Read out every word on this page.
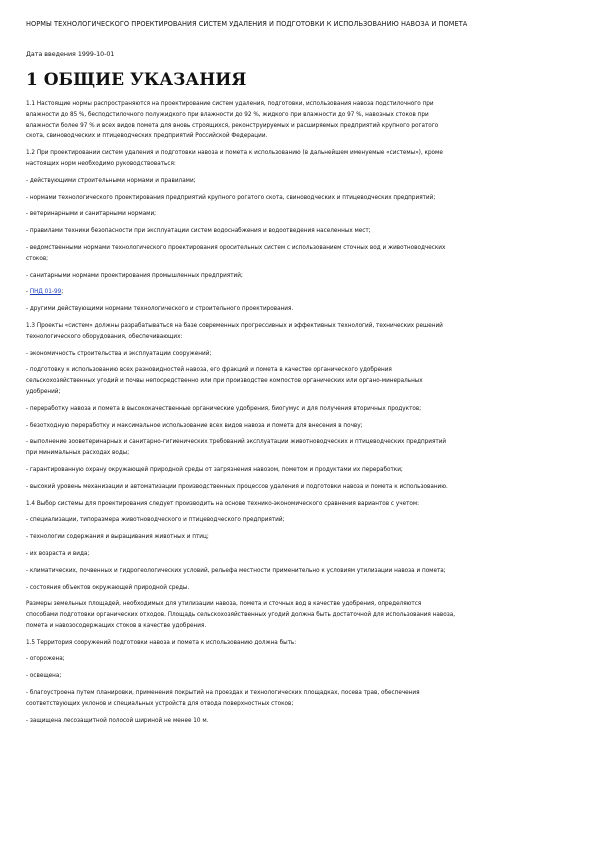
НОРМЫ ТЕХНОЛОГИЧЕСКОГО ПРОЕКТИРОВАНИЯ СИСТЕМ УДАЛЕНИЯ И ПОДГОТОВКИ К ИСПОЛЬЗОВАНИЮ НАВОЗА И ПОМЕТА
Дата введения 1999-10-01
1 ОБЩИЕ УКАЗАНИЯ

1.1 Настоящие нормы распространяются на проектирование систем удаления, подготовки, использования навоза подстилочного при
влажности до 85 %, бесподстилочного полужидкого при влажности до 92 %, жидкого при влажности до 97 %, навозных стоков при
влажности более 97 % и всех видов помета для вновь строящихся, реконструируемых и расширяемых предприятий крупного рогатого
скота, свиноводческих и птицеводческих предприятий Российской Федерации.

1.2 При проектировании систем удаления и подготовки навоза и помета к использованию (в дальнейшем именуемые «системы»), кроме
настоящих норм необходимо руководствоваться:

- действующими строительными нормами и правилами;

- нормами технологического проектирования предприятий крупного рогатого скота, свиноводческих и птицеводческих предприятий;

- ветеринарными и санитарными нормами;

- правилами техники безопасности при эксплуатации систем водоснабжения и водоотведения населенных мест;

- ведомственными нормами технологического проектирования оросительных систем с использованием сточных вод и животноводческих
стоков;

- санитарными нормами проектирования промышленных предприятий;

- ПНД 01-99;

- другими действующими нормами технологического и строительного проектирования.

1.3 Проекты «систем» должны разрабатываться на базе современных прогрессивных и эффективных технологий, технических решений
технологического оборудования, обеспечивающих:

- экономичность строительства и эксплуатации сооружений;

- подготовку к использованию всех разновидностей навоза, его фракций и помета в качестве органического удобрения
сельскохозяйственных угодий и почвы непосредственно или при производстве компостов органических или органо-минеральных
удобрений;

- переработку навоза и помета в высококачественные органические удобрения, биогумус и для получения вторичных продуктов;

- безотходную переработку и максимальное использование всех видов навоза и помета для внесения в почву;

- выполнение зооветеринарных и санитарно-гигиенических требований эксплуатации животноводческих и птицеводческих предприятий
при минимальных расходах воды;

- гарантированную охрану окружающей природной среды от загрязнения навозом, пометом и продуктами их переработки;

- высокий уровень механизации и автоматизации производственных процессов удаления и подготовки навоза и помета к использованию.

1.4 Выбор системы для проектирования следует производить на основе технико-экономического сравнения вариантов с учетом:

- специализации, типоразмера животноводческого и птицеводческого предприятий;

- технологии содержания и выращивания животных и птиц;

- их возраста и вида;

- климатических, почвенных и гидрогеологических условий, рельефа местности применительно к условиям утилизации навоза и помета;

- состояния объектов окружающей природной среды.

Размеры земельных площадей, необходимых для утилизации навоза, помета и сточных вод в качестве удобрения, определяются
способами подготовки органических отходов. Площадь сельскохозяйственных угодий должна быть достаточной для использования навоза,
помета и навозосодержащих стоков в качестве удобрения.

1.5 Территория сооружений подготовки навоза и помета к использованию должна быть:

- огорожена;

- освещена;

- благоустроена путем планировки, применения покрытий на проездах и технологических площадках, посева трав, обеспечения
соответствующих уклонов и специальных устройств для отвода поверхностных стоков;

- защищена лесозащитной полосой шириной не менее 10 м.
